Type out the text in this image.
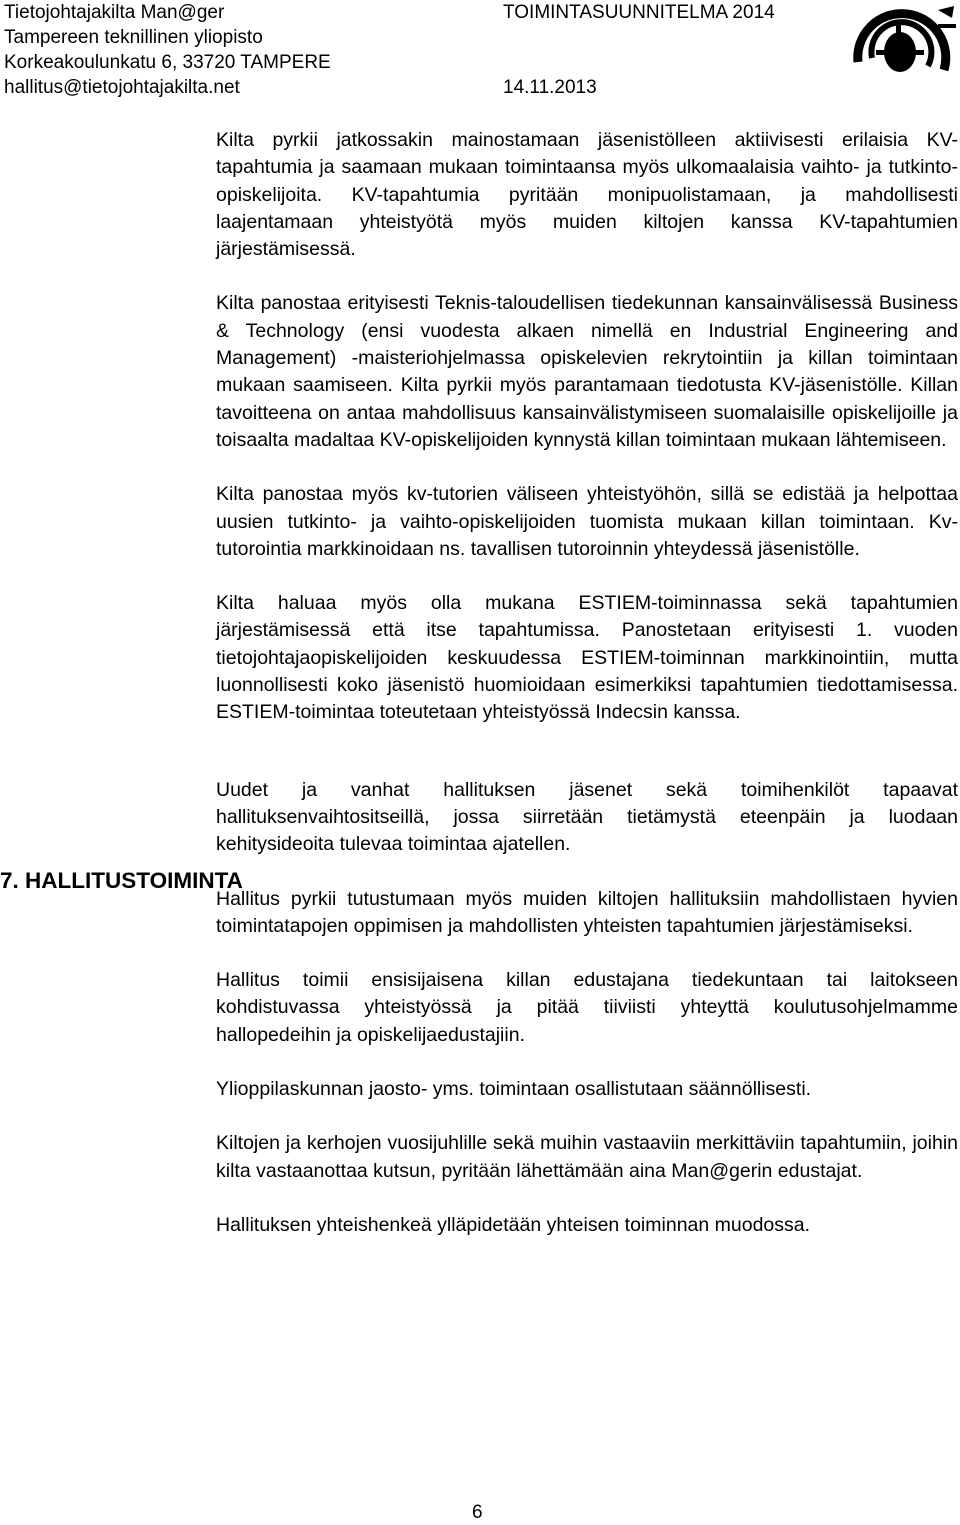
Tietojohtajakilta Man@ger
Tampereen teknillinen yliopisto
Korkeakoulunkatu 6, 33720 TAMPERE
hallitus@tietojohtajakilta.net
TOIMINTASUUNNITELMA 2014
14.11.2013

Kilta pyrkii jatkossakin mainostamaan jäsenistölleen aktiivisesti erilaisia KV-tapahtumia ja saamaan mukaan toimintaansa myös ulkomaalaisia vaihto- ja tutkinto-opiskelijoita. KV-tapahtumia pyritään monipuolistamaan, ja mahdollisesti laajentamaan yhteistyötä myös muiden kiltojen kanssa KV-tapahtumien järjestämisessä.

Kilta panostaa erityisesti Teknis-taloudellisen tiedekunnan kansainvälisessä Business & Technology (ensi vuodesta alkaen nimellä en Industrial Engineering and Management) -maisteriohjelmassa opiskelevien rekrytointiin ja killan toimintaan mukaan saamiseen. Kilta pyrkii myös parantamaan tiedotusta KV-jäsenistölle. Killan tavoitteena on antaa mahdollisuus kansainvälistymiseen suomalaisille opiskelijoille ja toisaalta madaltaa KV-opiskelijoiden kynnystä killan toimintaan mukaan lähtemiseen.

Kilta panostaa myös kv-tutorien väliseen yhteistyöhön, sillä se edistää ja helpottaa uusien tutkinto- ja vaihto-opiskelijoiden tuomista mukaan killan toimintaan. Kv-tutorointia markkinoidaan ns. tavallisen tutoroinnin yhteydessä jäsenistölle.

Kilta haluaa myös olla mukana ESTIEM-toiminnassa sekä tapahtumien järjestämisessä että itse tapahtumissa. Panostetaan erityisesti 1. vuoden tietojohtajaopiskelijoiden keskuudessa ESTIEM-toiminnan markkinointiin, mutta luonnollisesti koko jäsenistö huomioidaan esimerkiksi tapahtumien tiedottamisessa. ESTIEM-toimintaa toteutetaan yhteistyössä Indecsin kanssa.

Uudet ja vanhat hallituksen jäsenet sekä toimihenkilöt tapaavat hallituksenvaihtositseillä, jossa siirretään tietämystä eteenpäin ja luodaan kehitysideoita tulevaa toimintaa ajatellen.

Hallitus pyrkii tutustumaan myös muiden kiltojen hallituksiin mahdollistaen hyvien toimintatapojen oppimisen ja mahdollisten yhteisten tapahtumien järjestämiseksi.

Hallitus toimii ensisijaisena killan edustajana tiedekuntaan tai laitokseen kohdistuvassa yhteistyössä ja pitää tiiviisti yhteyttä koulutusohjelmamme hallopedeihin ja opiskelijaedustajiin.

Ylioppilaskunnan jaosto- yms. toimintaan osallistutaan säännöllisesti.

Kiltojen ja kerhojen vuosijuhlille sekä muihin vastaaviin merkittäviin tapahtumiin, joihin kilta vastaanottaa kutsun, pyritään lähettämään aina Man@gerin edustajat.

Hallituksen yhteishenkeä ylläpidetään yhteisen toiminnan muodossa.

7. HALLITUSTOIMINTA
6
